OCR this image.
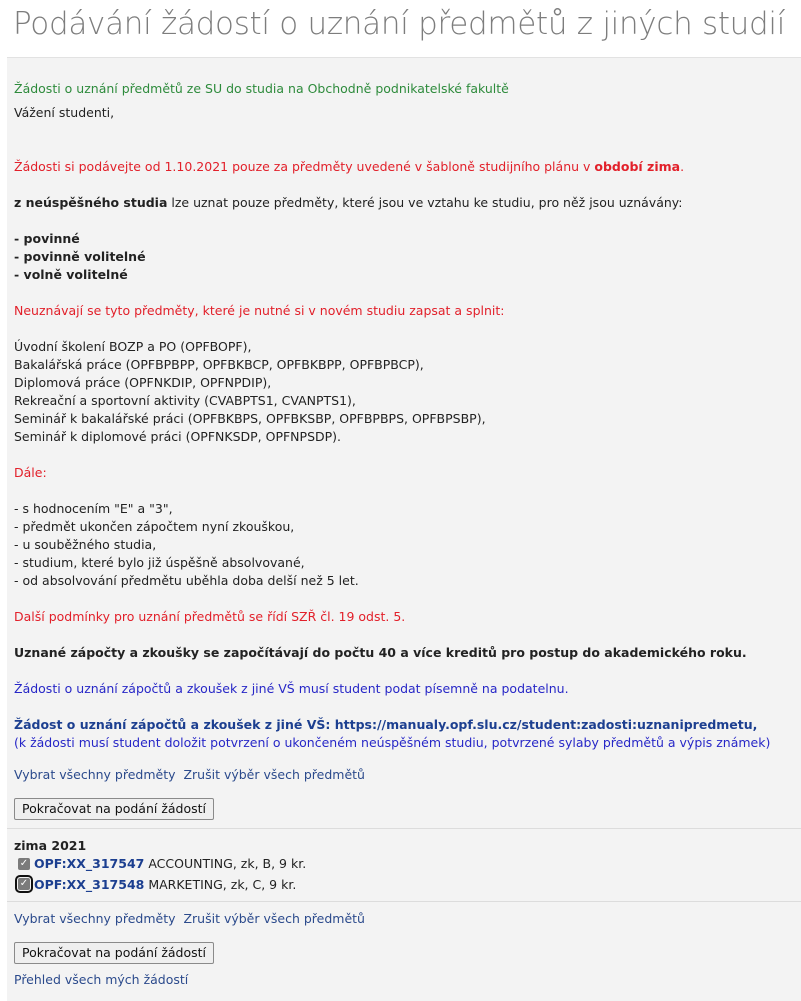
Podávání žádostí o uznání předmětů z jiných studií
Žádosti o uznání předmětů ze SU do studia na Obchodně podnikatelské fakultě
Vážení studenti,
Žádosti si podávejte od 1.10.2021 pouze za předměty uvedené v šabloně studijního plánu v období zima.
z neúspěšného studia lze uznat pouze předměty, které jsou ve vztahu ke studiu, pro něž jsou uznávány:
- povinné
- povinně volitelné
- volně volitelné
Neuznávají se tyto předměty, které je nutné si v novém studiu zapsat a splnit:
Úvodní školení BOZP a PO (OPFBOPF),
Bakalářská práce (OPFBPBPP, OPFBKBCP, OPFBKBPP, OPFBPBCP),
Diplomová práce (OPFNKDIP, OPFNPDIP),
Rekreační a sportovní aktivity (CVABPTS1, CVANPTS1),
Seminář k bakalářské práci (OPFBKBPS, OPFBKSBP, OPFBPBPS, OPFBPSBP),
Seminář k diplomové práci (OPFNKSDP, OPFNPSDP).
Dále:
- s hodnocením "E" a "3",
- předmět ukončen zápočtem nyní zkouškou,
- u souběžného studia,
- studium, které bylo již úspěšně absolvované,
- od absolvování předmětu uběhla doba delší než 5 let.
Další podmínky pro uznání předmětů se řídí SZŘ čl. 19 odst. 5.
Uznané zápočty a zkoušky se započítávají do počtu 40 a více kreditů pro postup do akademického roku.
Žádosti o uznání zápočtů a zkoušek z jiné VŠ musí student podat písemně na podatelnu.
Žádost o uznání zápočtů a zkoušek z jiné VŠ: https://manualy.opf.slu.cz/student:zadosti:uznanipredmetu,
(k žádosti musí student doložit potvrzení o ukončeném neúspěšném studiu, potvrzené sylaby předmětů a výpis známek)
Vybrat všechny předměty Zrušit výběr všech předmětů
Pokračovat na podání žádostí
zima 2021
✓ OPF:XX_317547 ACCOUNTING, zk, B, 9 kr.
✓ OPF:XX_317548 MARKETING, zk, C, 9 kr.
Vybrat všechny předměty Zrušit výběr všech předmětů
Pokračovat na podání žádostí
Přehled všech mých žádostí
